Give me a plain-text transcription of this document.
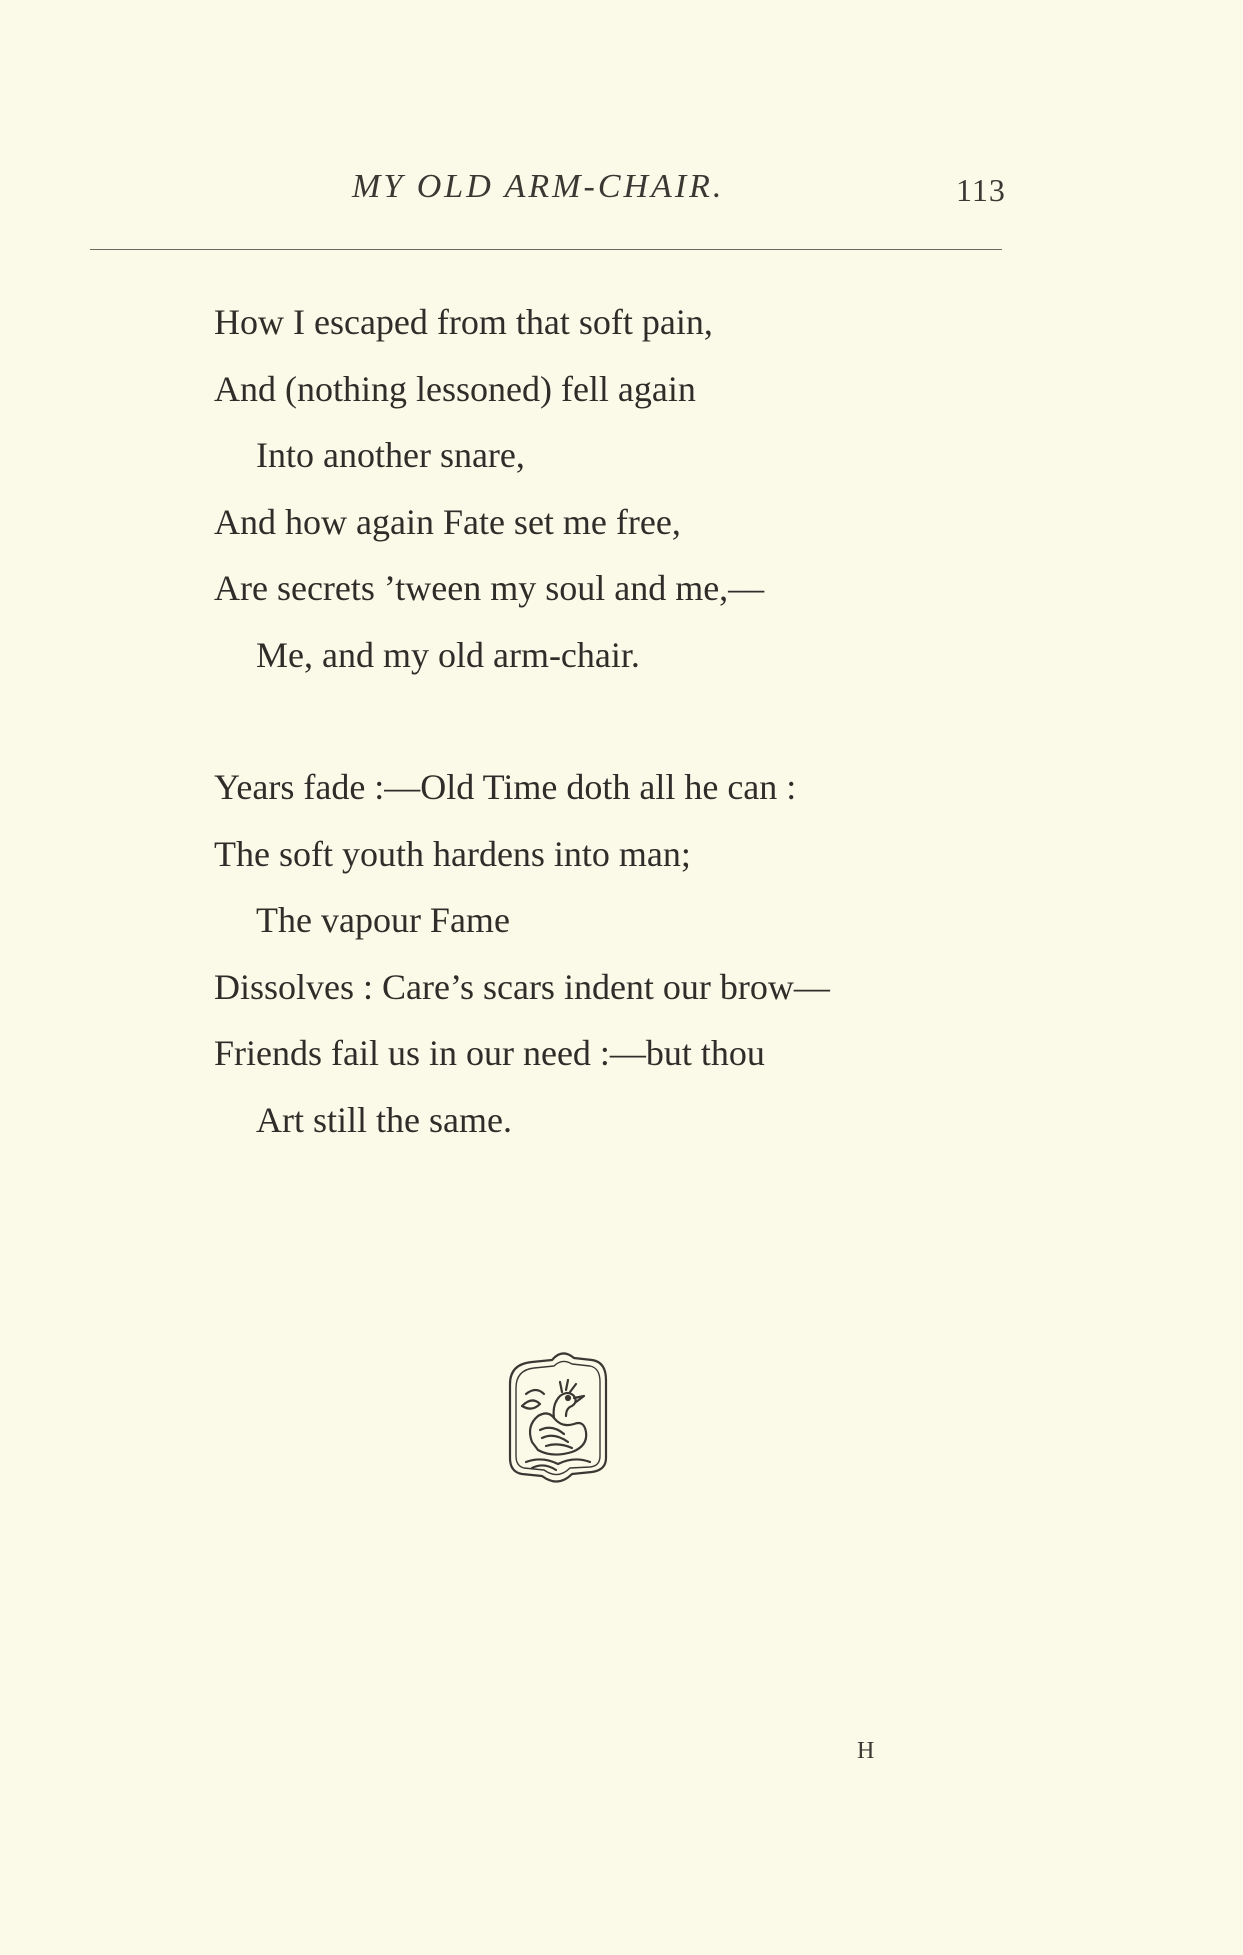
MY OLD ARM-CHAIR.	113
How I escaped from that soft pain,
And (nothing lessoned) fell again
Into another snare,
And how again Fate set me free,
Are secrets ’tween my soul and me,––
Me, and my old arm-chair.
Years fade :—Old Time doth all he can :
The soft youth hardens into man;
The vapour Fame
Dissolves : Care’s scars indent our brow—
Friends fail us in our need :—but thou
Art still the same.
H
